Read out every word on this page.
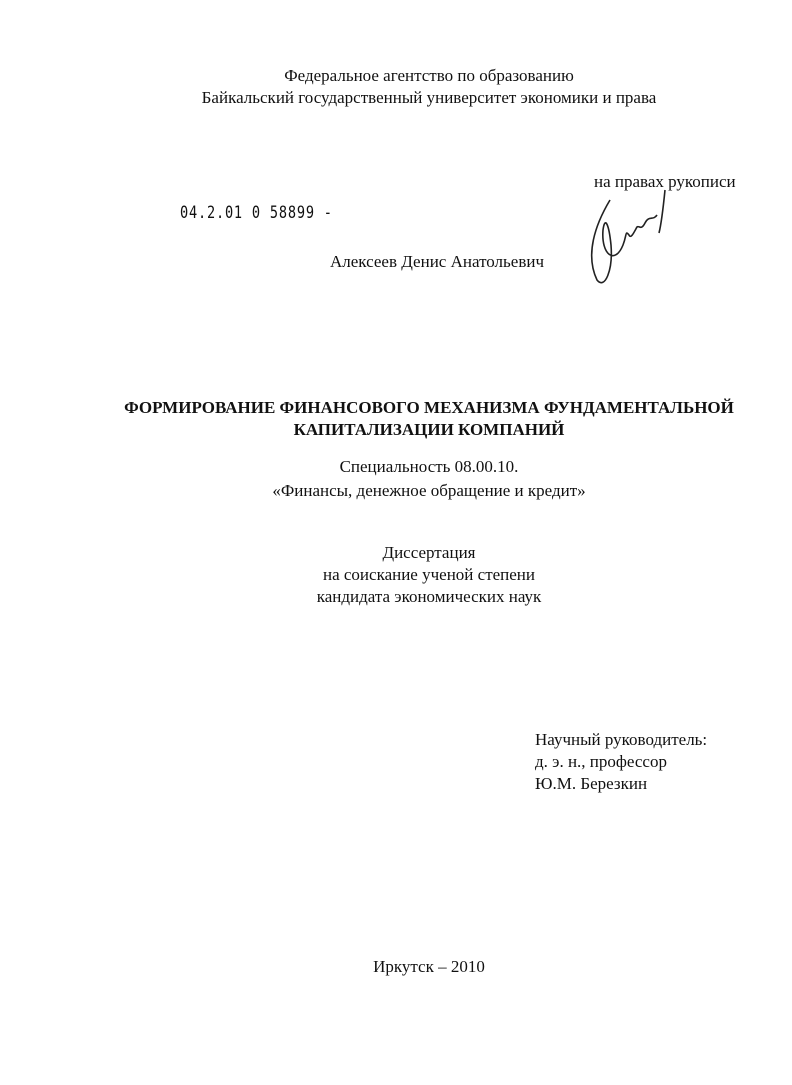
Федеральное агентство по образованию
Байкальский государственный университет экономики и права
на правах рукописи
04.2.01 0 58899 -
Алексеев Денис Анатольевич
ФОРМИРОВАНИЕ ФИНАНСОВОГО МЕХАНИЗМА ФУНДАМЕНТАЛЬНОЙ
КАПИТАЛИЗАЦИИ КОМПАНИЙ
Специальность 08.00.10.
«Финансы, денежное обращение и кредит»
Диссертация
на соискание ученой степени
кандидата экономических наук
Научный руководитель:
д. э. н., профессор
Ю.М. Березкин
Иркутск – 2010
